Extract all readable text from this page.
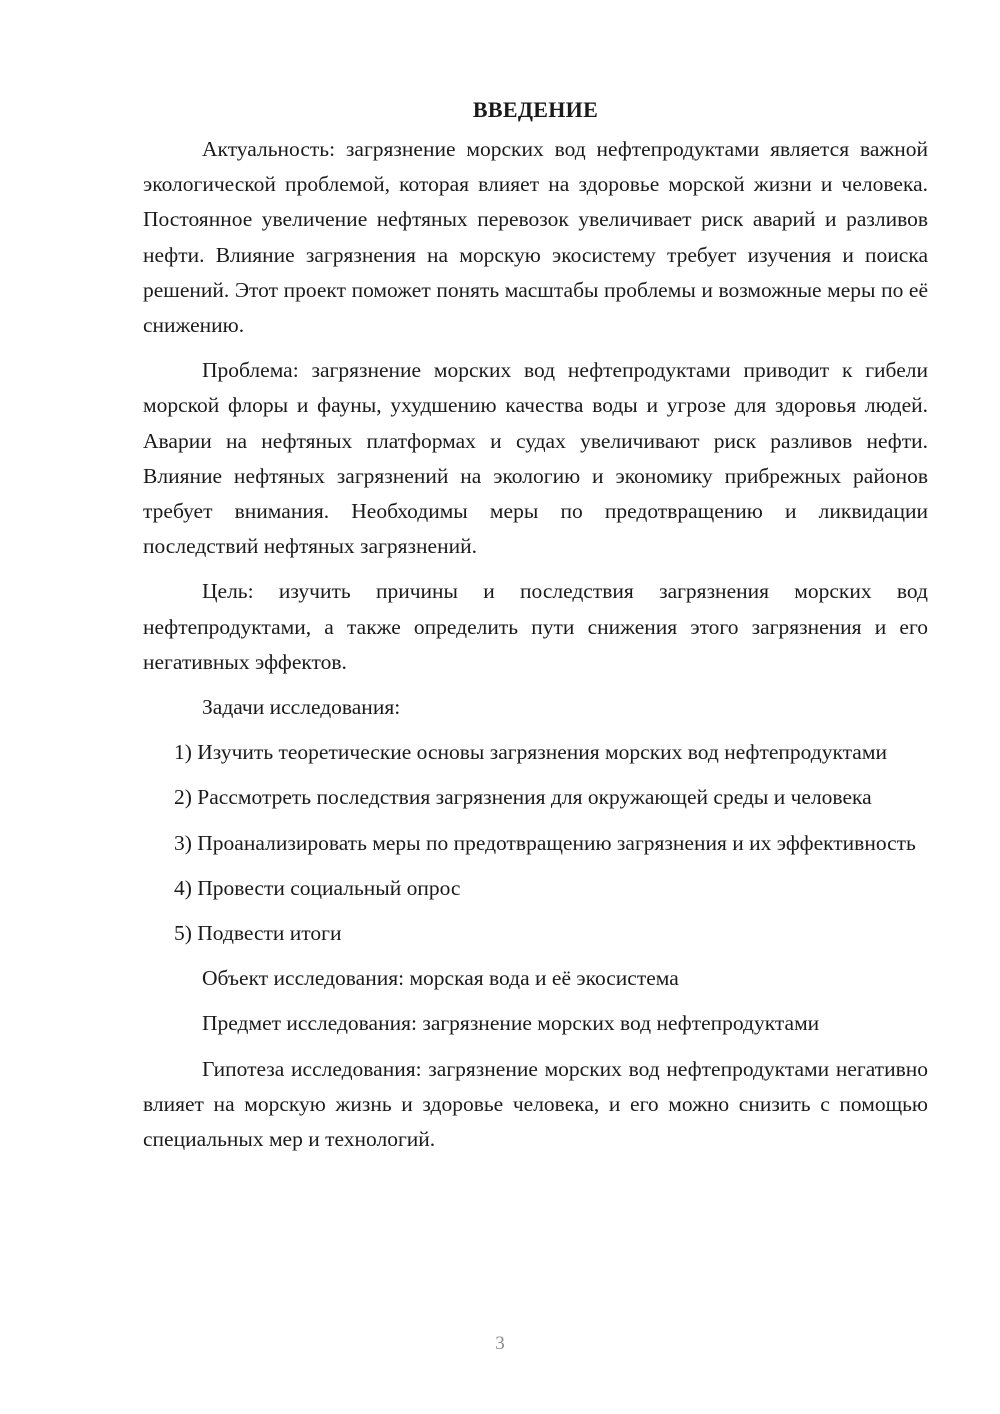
ВВЕДЕНИЕ

Актуальность: загрязнение морских вод нефтепродуктами является важной экологической проблемой, которая влияет на здоровье морской жизни и человека. Постоянное увеличение нефтяных перевозок увеличивает риск аварий и разливов нефти. Влияние загрязнения на морскую экосистему требует изучения и поиска решений. Этот проект поможет понять масштабы проблемы и возможные меры по её снижению.

Проблема: загрязнение морских вод нефтепродуктами приводит к гибели морской флоры и фауны, ухудшению качества воды и угрозе для здоровья людей. Аварии на нефтяных платформах и судах увеличивают риск разливов нефти. Влияние нефтяных загрязнений на экологию и экономику прибрежных районов требует внимания. Необходимы меры по предотвращению и ликвидации последствий нефтяных загрязнений.

Цель: изучить причины и последствия загрязнения морских вод нефтепродуктами, а также определить пути снижения этого загрязнения и его негативных эффектов.

Задачи исследования:

1) Изучить теоретические основы загрязнения морских вод нефтепродуктами

2) Рассмотреть последствия загрязнения для окружающей среды и человека

3) Проанализировать меры по предотвращению загрязнения и их эффективность

4) Провести социальный опрос

5) Подвести итоги

Объект исследования: морская вода и её экосистема

Предмет исследования: загрязнение морских вод нефтепродуктами

Гипотеза исследования: загрязнение морских вод нефтепродуктами негативно влияет на морскую жизнь и здоровье человека, и его можно снизить с помощью специальных мер и технологий.

3
